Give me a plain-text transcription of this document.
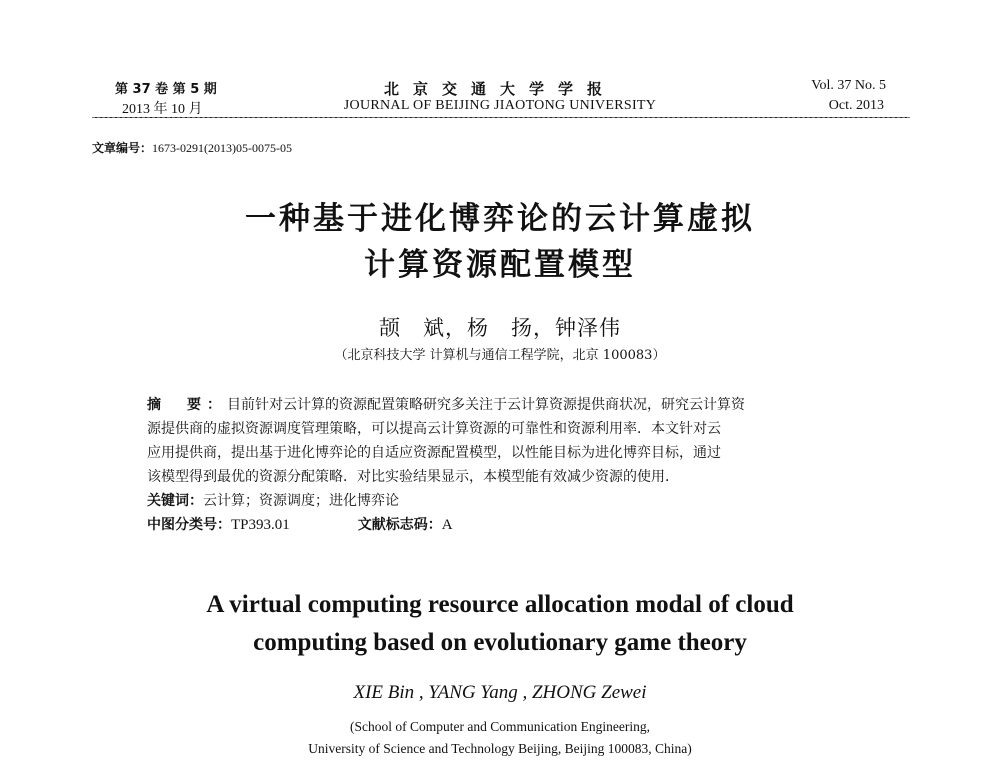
第 37 卷 第 5 期	北京交通大学学报	Vol. 37 No. 5
2013 年 10 月	JOURNAL OF BEIJING JIAOTONG UNIVERSITY	Oct. 2013
文章编号：1673-0291(2013)05-0075-05
一种基于进化博弈论的云计算虚拟
计算资源配置模型
颉　斌，杨　扬，钟泽伟
（北京科技大学 计算机与通信工程学院，北京 100083）
摘　要：目前针对云计算的资源配置策略研究多关注于云计算资源提供商状况，研究云计算资
源提供商的虚拟资源调度管理策略，可以提高云计算资源的可靠性和资源利用率．本文针对云
应用提供商，提出基于进化博弈论的自适应资源配置模型，以性能目标为进化博弈目标，通过
该模型得到最优的资源分配策略．对比实验结果显示，本模型能有效减少资源的使用．
关键词：云计算；资源调度；进化博弈论
中图分类号：TP393.01	文献标志码：A
A virtual computing resource allocation modal of cloud
computing based on evolutionary game theory
XIE Bin , YANG Yang , ZHONG Zewei
(School of Computer and Communication Engineering,
University of Science and Technology Beijing, Beijing 100083, China)
